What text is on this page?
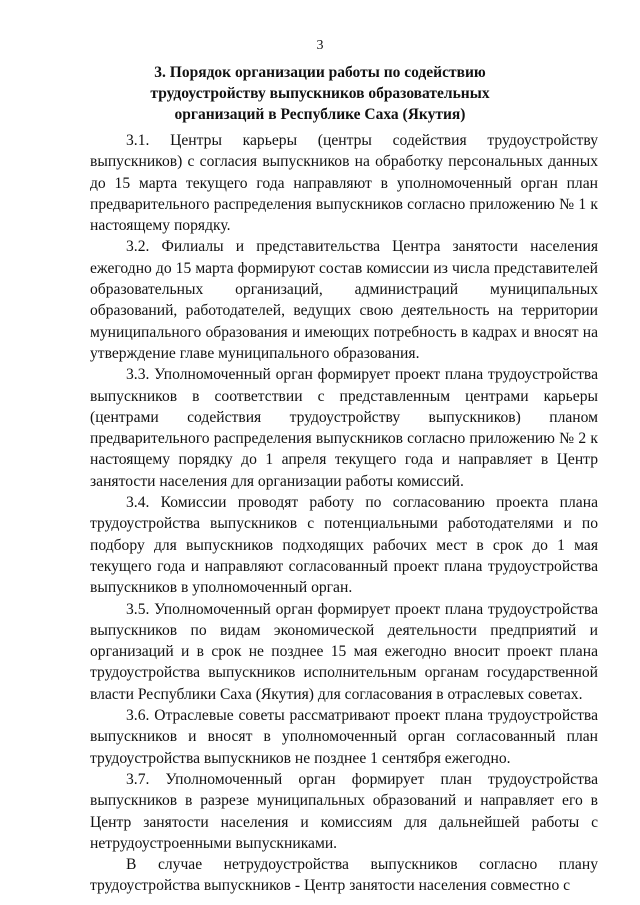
3
3. Порядок организации работы по содействию трудоустройству выпускников образовательных организаций в Республике Саха (Якутия)

3.1. Центры карьеры (центры содействия трудоустройству выпускников) с согласия выпускников на обработку персональных данных до 15 марта текущего года направляют в уполномоченный орган план предварительного распределения выпускников согласно приложению № 1 к настоящему порядку.

3.2. Филиалы и представительства Центра занятости населения ежегодно до 15 марта формируют состав комиссии из числа представителей образовательных организаций, администраций муниципальных образований, работодателей, ведущих свою деятельность на территории муниципального образования и имеющих потребность в кадрах и вносят на утверждение главе муниципального образования.

3.3. Уполномоченный орган формирует проект плана трудоустройства выпускников в соответствии с представленным центрами карьеры (центрами содействия трудоустройству выпускников) планом предварительного распределения выпускников согласно приложению № 2 к настоящему порядку до 1 апреля текущего года и направляет в Центр занятости населения для организации работы комиссий.

3.4. Комиссии проводят работу по согласованию проекта плана трудоустройства выпускников с потенциальными работодателями и по подбору для выпускников подходящих рабочих мест в срок до 1 мая текущего года и направляют согласованный проект плана трудоустройства выпускников в уполномоченный орган.

3.5. Уполномоченный орган формирует проект плана трудоустройства выпускников по видам экономической деятельности предприятий и организаций и в срок не позднее 15 мая ежегодно вносит проект плана трудоустройства выпускников исполнительным органам государственной власти Республики Саха (Якутия) для согласования в отраслевых советах.

3.6. Отраслевые советы рассматривают проект плана трудоустройства выпускников и вносят в уполномоченный орган согласованный план трудоустройства выпускников не позднее 1 сентября ежегодно.

3.7. Уполномоченный орган формирует план трудоустройства выпускников в разрезе муниципальных образований и направляет его в Центр занятости населения и комиссиям для дальнейшей работы с нетрудоустроенными выпускниками.

В случае нетрудоустройства выпускников согласно плану трудоустройства выпускников - Центр занятости населения совместно с
